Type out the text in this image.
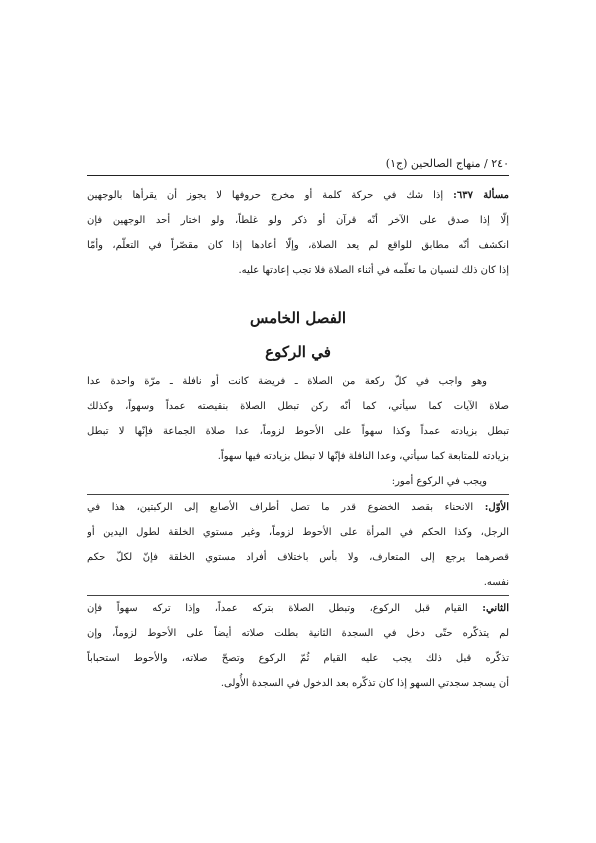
٢٤٠ / منهاج الصالحين (ج١)
مسألة ٦٣٧: إذا شك في حركة كلمة أو مخرج حروفها لا يجوز أن يقرأها بالوجهين
إلّا إذا صدق على الآخر أنّه قرآن أو ذكر ولو غلطاً، ولو اختار أحد الوجهين فإن
انكشف أنّه مطابق للواقع لم يعد الصلاة، وإلّا أعادها إذا كان مقصّراً في التعلّم، وأمّا
إذا كان ذلك لنسيان ما تعلّمه في أثناء الصلاة فلا تجب إعادتها عليه.
الفصل الخامس
في الركوع
وهو واجب في كلّ ركعة من الصلاة ـ فريضة كانت أو نافلة ـ مرّة واحدة عدا
صلاة الآيات كما سيأتي، كما أنّه ركن تبطل الصلاة بنقيصته عمداً وسهواً، وكذلك
تبطل بزيادته عمداً وكذا سهواً على الأحوط لزوماً، عدا صلاة الجماعة فإنّها لا تبطل
بزيادته للمتابعة كما سيأتي، وعدا النافلة فإنّها لا تبطل بزيادته فيها سهواً.
ويجب في الركوع أمور:
الأوّل: الانحناء بقصد الخضوع قدر ما تصل أطراف الأصابع إلى الركبتين، هذا في
الرجل، وكذا الحكم في المرأة على الأحوط لزوماً، وغير مستوي الخلقة لطول اليدين أو
قصرهما يرجع إلى المتعارف، ولا بأس باختلاف أفراد مستوي الخلقة فإنّ لكلّ حكم
نفسه.
الثاني: القيام قبل الركوع، وتبطل الصلاة بتركه عمداً، وإذا تركه سهواً فإن
لم يتذكّره حتّى دخل في السجدة الثانية بطلت صلاته أيضاً على الأحوط لزوماً، وإن
تذكّره قبل ذلك يجب عليه القيام ثُمّ الركوع وتصحّ صلاته، والأحوط استحباباً
أن يسجد سجدتي السهو إذا كان تذكّره بعد الدخول في السجدة الأُولى.
